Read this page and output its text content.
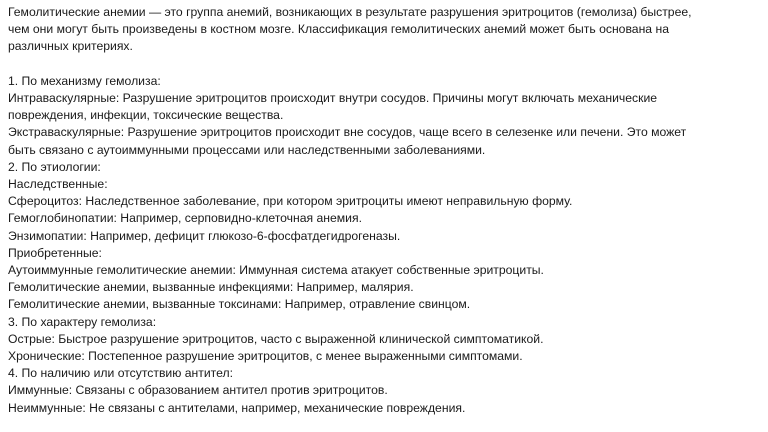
Гемолитические анемии — это группа анемий, возникающих в результате разрушения эритроцитов (гемолиза) быстрее,
чем они могут быть произведены в костном мозге. Классификация гемолитических анемий может быть основана на
различных критериях.

1. По механизму гемолиза:
Интраваскулярные: Разрушение эритроцитов происходит внутри сосудов. Причины могут включать механические
повреждения, инфекции, токсические вещества.
Экстраваскулярные: Разрушение эритроцитов происходит вне сосудов, чаще всего в селезенке или печени. Это может
быть связано с аутоиммунными процессами или наследственными заболеваниями.
2. По этиологии:
Наследственные:
Сфероцитоз: Наследственное заболевание, при котором эритроциты имеют неправильную форму.
Гемоглобинопатии: Например, серповидно-клеточная анемия.
Энзимопатии: Например, дефицит глюкозо-6-фосфатдегидрогеназы.
Приобретенные:
Аутоиммунные гемолитические анемии: Иммунная система атакует собственные эритроциты.
Гемолитические анемии, вызванные инфекциями: Например, малярия.
Гемолитические анемии, вызванные токсинами: Например, отравление свинцом.
3. По характеру гемолиза:
Острые: Быстрое разрушение эритроцитов, часто с выраженной клинической симптоматикой.
Хронические: Постепенное разрушение эритроцитов, с менее выраженными симптомами.
4. По наличию или отсутствию антител:
Иммунные: Связаны с образованием антител против эритроцитов.
Неиммунные: Не связаны с антителами, например, механические повреждения.
